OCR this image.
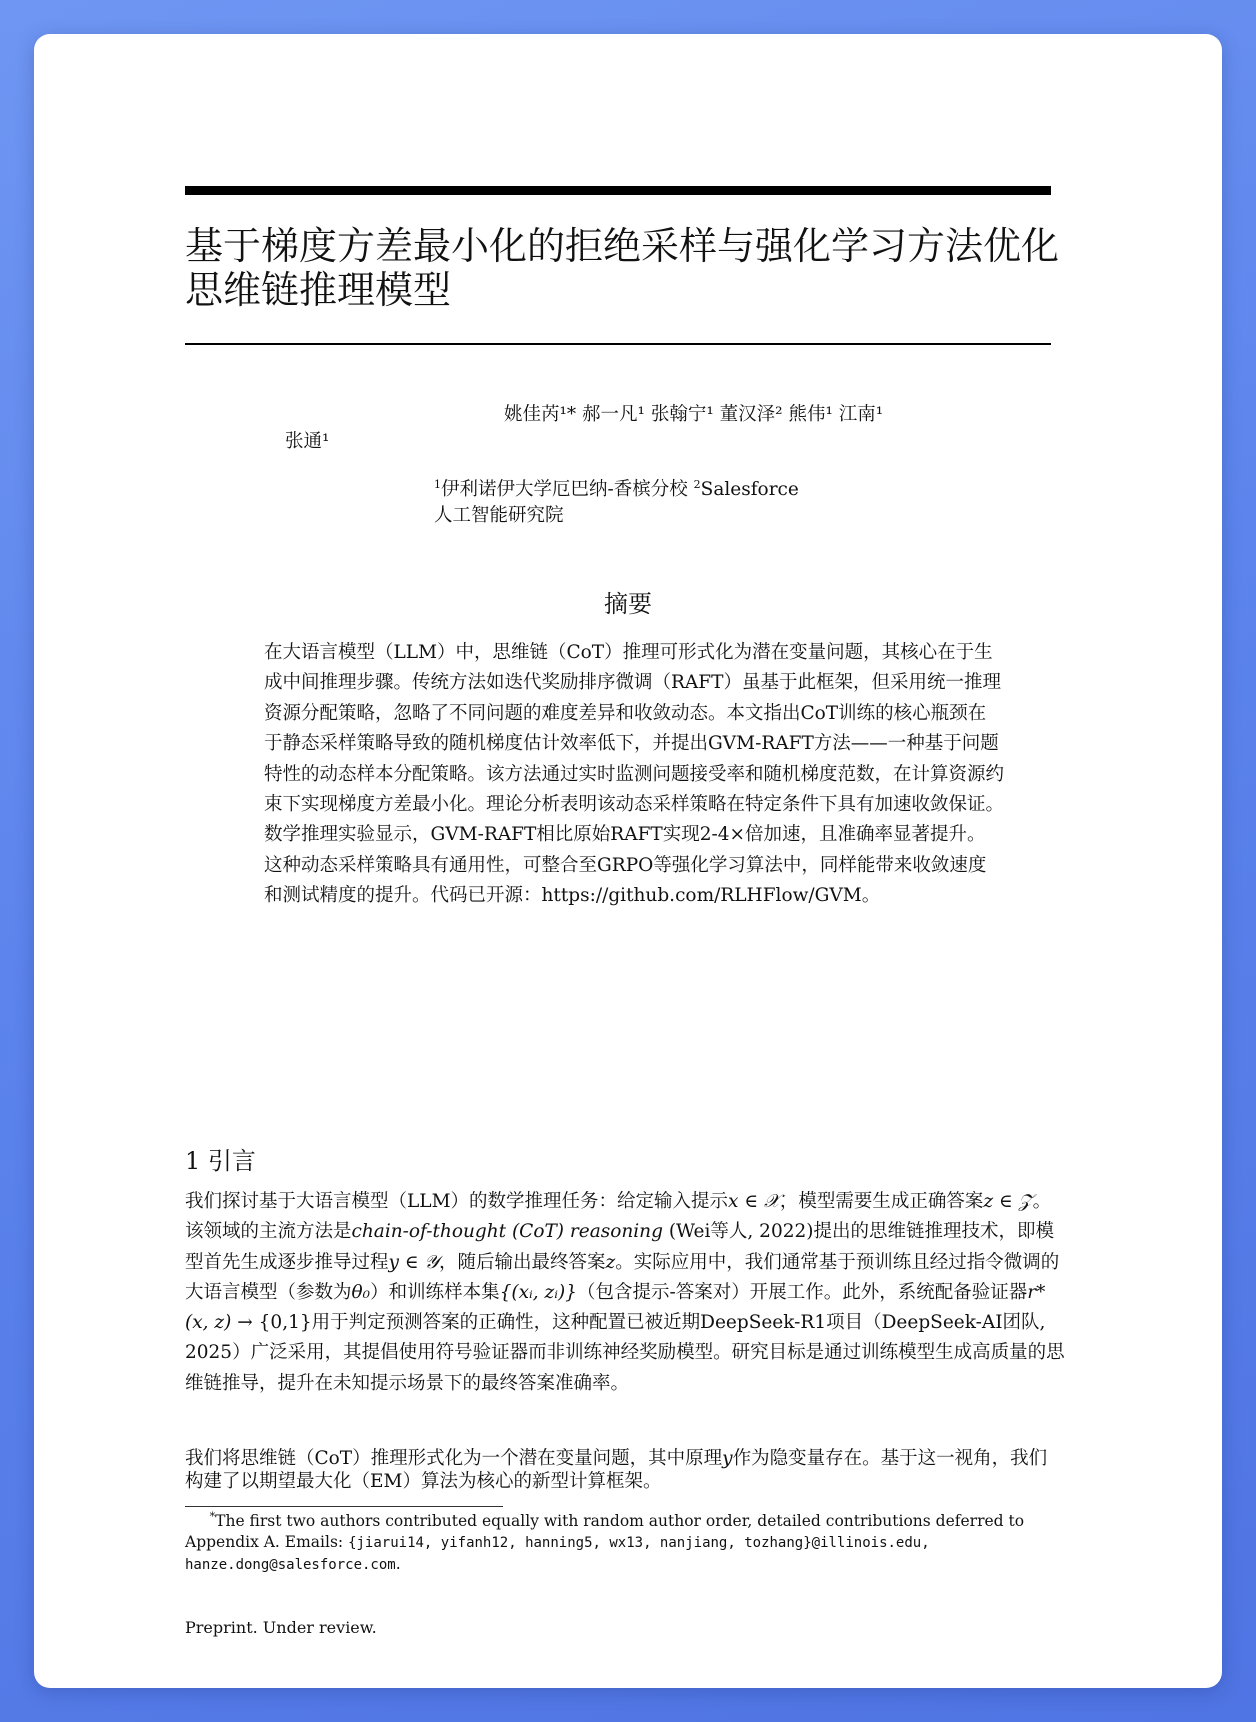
基于梯度方差最小化的拒绝采样与强化学习方法优化思维链推理模型
姚佳芮¹* 郝一凡¹ 张翰宁¹ 董汉泽² 熊伟¹ 江南¹
张通¹
$^1$伊利诺伊大学厄巴纳-香槟分校 $^2$Salesforce 人工智能研究院
摘要

在大语言模型（LLM）中，思维链（CoT）推理可形式化为潜在变量问题，其核心在于生成中间推理步骤。传统方法如迭代奖励排序微调（RAFT）虽基于此框架，但采用统一推理资源分配策略，忽略了不同问题的难度差异和收敛动态。本文指出CoT训练的核心瓶颈在于静态采样策略导致的随机梯度估计效率低下，并提出GVM-RAFT方法——一种基于问题特性的动态样本分配策略。该方法通过实时监测问题接受率和随机梯度范数，在计算资源约束下实现梯度方差最小化。理论分析表明该动态采样策略在特定条件下具有加速收敛保证。数学推理实验显示，GVM-RAFT相比原始RAFT实现2-4×倍加速，且准确率显著提升。这种动态采样策略具有通用性，可整合至GRPO等强化学习算法中，同样能带来收敛速度和测试精度的提升。代码已开源：https://github.com/RLHFlow/GVM。

1 引言

我们探讨基于大语言模型（LLM）的数学推理任务：给定输入提示x ∈ 𝒳，模型需要生成正确答案z ∈ 𝒵。该领域的主流方法是chain-of-thought (CoT) reasoning (Wei等人, 2022)提出的思维链推理技术，即模型首先生成逐步推导过程y ∈ 𝒴，随后输出最终答案z。实际应用中，我们通常基于预训练且经过指令微调的大语言模型（参数为θ₀）和训练样本集{(xᵢ, zᵢ)}（包含提示-答案对）开展工作。此外，系统配备验证器r*(x, z) → {0,1}用于判定预测答案的正确性，这种配置已被近期DeepSeek-R1项目（DeepSeek-AI团队, 2025）广泛采用，其提倡使用符号验证器而非训练神经奖励模型。研究目标是通过训练模型生成高质量的思维链推导，提升在未知提示场景下的最终答案准确率。

我们将思维链（CoT）推理形式化为一个潜在变量问题，其中原理y作为隐变量存在。基于这一视角，我们构建了以期望最大化（EM）算法为核心的新型计算框架。

*The first two authors contributed equally with random author order, detailed contributions deferred to Appendix A. Emails: {jiarui14, yifanh12, hanning5, wx13, nanjiang, tozhang}@illinois.edu, hanze.dong@salesforce.com.
Preprint. Under review.
